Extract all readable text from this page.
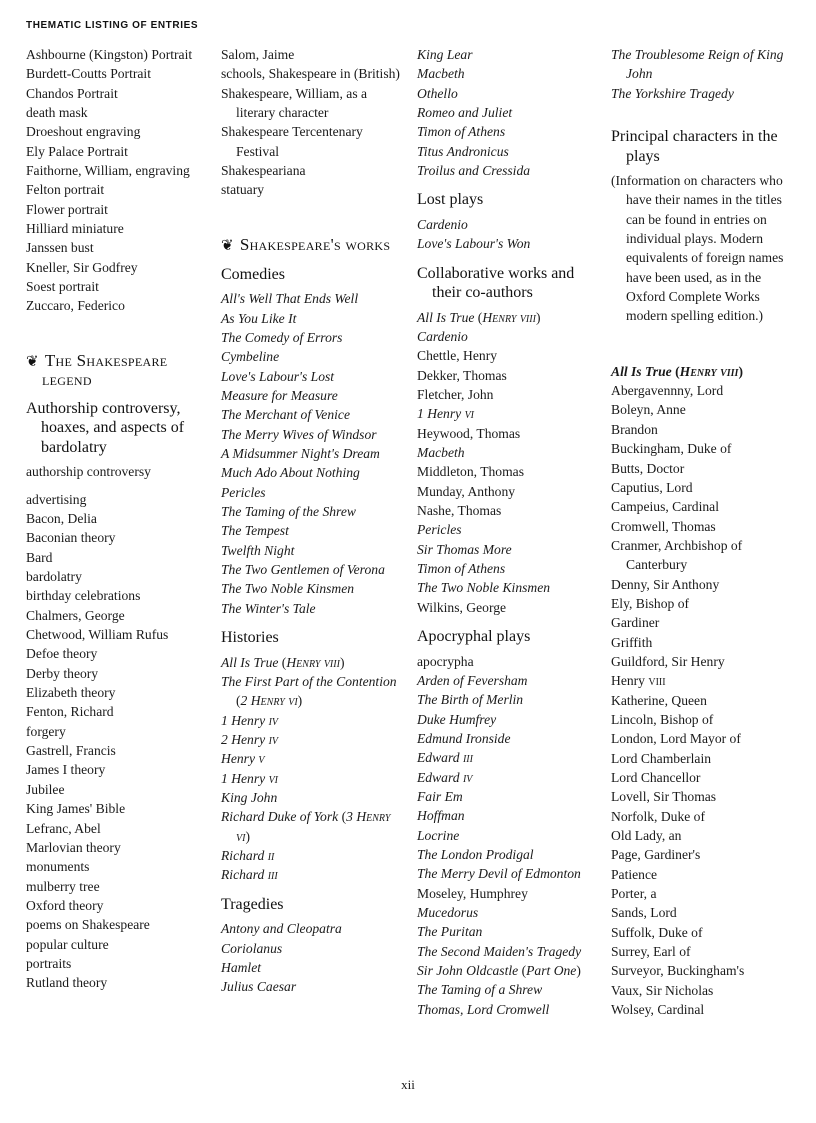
THEMATIC LISTING OF ENTRIES
Ashbourne (Kingston) Portrait
Burdett-Coutts Portrait
Chandos Portrait
death mask
Droeshout engraving
Ely Palace Portrait
Faithorne, William, engraving
Felton portrait
Flower portrait
Hilliard miniature
Janssen bust
Kneller, Sir Godfrey
Soest portrait
Zuccaro, Federico
❦ The Shakespeare legend
Authorship controversy, hoaxes, and aspects of bardolatry
authorship controversy
advertising
Bacon, Delia
Baconian theory
Bard
bardolatry
birthday celebrations
Chalmers, George
Chetwood, William Rufus
Defoe theory
Derby theory
Elizabeth theory
Fenton, Richard
forgery
Gastrell, Francis
James I theory
Jubilee
King James' Bible
Lefranc, Abel
Marlovian theory
monuments
mulberry tree
Oxford theory
poems on Shakespeare
popular culture
portraits
Rutland theory
Salom, Jaime
schools, Shakespeare in (British)
Shakespeare, William, as a literary character
Shakespeare Tercentenary Festival
Shakespeariana
statuary
❦ Shakespeare's works
Comedies
All's Well That Ends Well
As You Like It
The Comedy of Errors
Cymbeline
Love's Labour's Lost
Measure for Measure
The Merchant of Venice
The Merry Wives of Windsor
A Midsummer Night's Dream
Much Ado About Nothing
Pericles
The Taming of the Shrew
The Tempest
Twelfth Night
The Two Gentlemen of Verona
The Two Noble Kinsmen
The Winter's Tale
Histories
All Is True (Henry viii)
The First Part of the Contention (2 Henry vi)
1 Henry iv
2 Henry iv
Henry v
1 Henry vi
King John
Richard Duke of York (3 Henry vi)
Richard ii
Richard iii
Tragedies
Antony and Cleopatra
Coriolanus
Hamlet
Julius Caesar
King Lear
Macbeth
Othello
Romeo and Juliet
Timon of Athens
Titus Andronicus
Troilus and Cressida
Lost plays
Cardenio
Love's Labour's Won
Collaborative works and their co-authors
All Is True (Henry viii)
Cardenio
Chettle, Henry
Dekker, Thomas
Fletcher, John
1 Henry vi
Heywood, Thomas
Macbeth
Middleton, Thomas
Munday, Anthony
Nashe, Thomas
Pericles
Sir Thomas More
Timon of Athens
The Two Noble Kinsmen
Wilkins, George
Apocryphal plays
apocrypha
Arden of Feversham
The Birth of Merlin
Duke Humfrey
Edmund Ironside
Edward iii
Edward iv
Fair Em
Hoffman
Locrine
The London Prodigal
The Merry Devil of Edmonton
Moseley, Humphrey
Mucedorus
The Puritan
The Second Maiden's Tragedy
Sir John Oldcastle (Part One)
The Taming of a Shrew
Thomas, Lord Cromwell
The Troublesome Reign of King John
The Yorkshire Tragedy
Principal characters in the plays
(Information on characters who have their names in the titles can be found in entries on individual plays. Modern equivalents of foreign names have been used, as in the Oxford Complete Works modern spelling edition.)
All Is True (Henry viii)
Abergavennny, Lord
Boleyn, Anne
Brandon
Buckingham, Duke of
Butts, Doctor
Caputius, Lord
Campeius, Cardinal
Cromwell, Thomas
Cranmer, Archbishop of Canterbury
Denny, Sir Anthony
Ely, Bishop of
Gardiner
Griffith
Guildford, Sir Henry
Henry viii
Katherine, Queen
Lincoln, Bishop of
London, Lord Mayor of
Lord Chamberlain
Lord Chancellor
Lovell, Sir Thomas
Norfolk, Duke of
Old Lady, an
Page, Gardiner's
Patience
Porter, a
Sands, Lord
Suffolk, Duke of
Surrey, Earl of
Surveyor, Buckingham's
Vaux, Sir Nicholas
Wolsey, Cardinal
xii
